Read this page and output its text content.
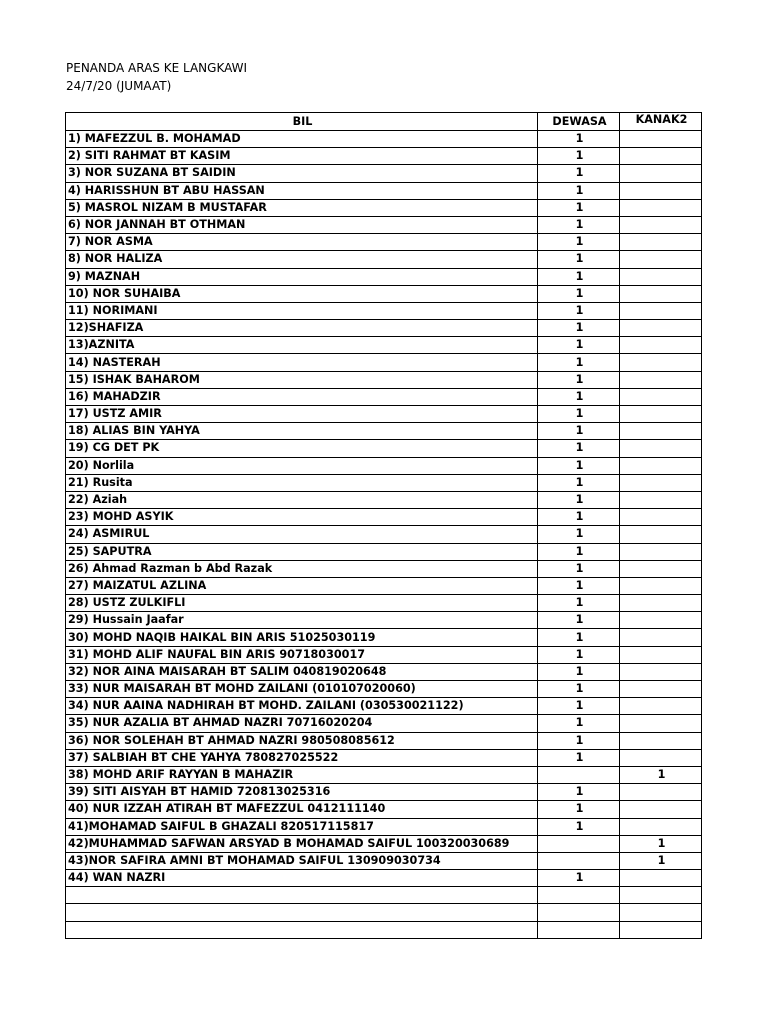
PENANDA ARAS KE LANGKAWI
24/7/20 (JUMAAT)
BIL	DEWASA	KANAK2
1) MAFEZZUL B. MOHAMAD	1	
2) SITI RAHMAT BT KASIM	1	
3) NOR SUZANA BT SAIDIN	1	
4) HARISSHUN BT ABU HASSAN	1	
5) MASROL NIZAM B MUSTAFAR	1	
6) NOR JANNAH BT OTHMAN	1	
7) NOR ASMA	1	
8) NOR HALIZA	1	
9) MAZNAH	1	
10) NOR SUHAIBA	1	
11) NORIMANI	1	
12)SHAFIZA	1	
13)AZNITA	1	
14) NASTERAH	1	
15) ISHAK BAHAROM	1	
16) MAHADZIR	1	
17) USTZ AMIR	1	
18) ALIAS BIN YAHYA	1	
19) CG DET PK	1	
20) Norlila	1	
21) Rusita	1	
22) Aziah	1	
23) MOHD ASYIK	1	
24) ASMIRUL	1	
25) SAPUTRA	1	
26) Ahmad Razman b Abd Razak	1	
27) MAIZATUL AZLINA	1	
28) USTZ ZULKIFLI	1	
29) Hussain Jaafar	1	
30) MOHD NAQIB HAIKAL BIN ARIS 51025030119	1	
31) MOHD ALIF NAUFAL BIN ARIS 90718030017	1	
32) NOR AINA MAISARAH BT SALIM 040819020648	1	
33) NUR MAISARAH BT MOHD ZAILANI (010107020060)	1	
34) NUR AAINA NADHIRAH BT MOHD. ZAILANI (030530021122)	1	
35) NUR AZALIA BT AHMAD NAZRI 70716020204	1	
36) NOR SOLEHAH BT AHMAD NAZRI 980508085612	1	
37) SALBIAH BT CHE YAHYA 780827025522	1	
38) MOHD ARIF RAYYAN B MAHAZIR		1
39) SITI AISYAH BT HAMID 720813025316	1	
40) NUR IZZAH ATIRAH BT MAFEZZUL 0412111140	1	
41)MOHAMAD SAIFUL B GHAZALI 820517115817	1	
42)MUHAMMAD SAFWAN ARSYAD B MOHAMAD SAIFUL 100320030689		1
43)NOR SAFIRA AMNI BT MOHAMAD SAIFUL 130909030734		1
44) WAN NAZRI	1	
